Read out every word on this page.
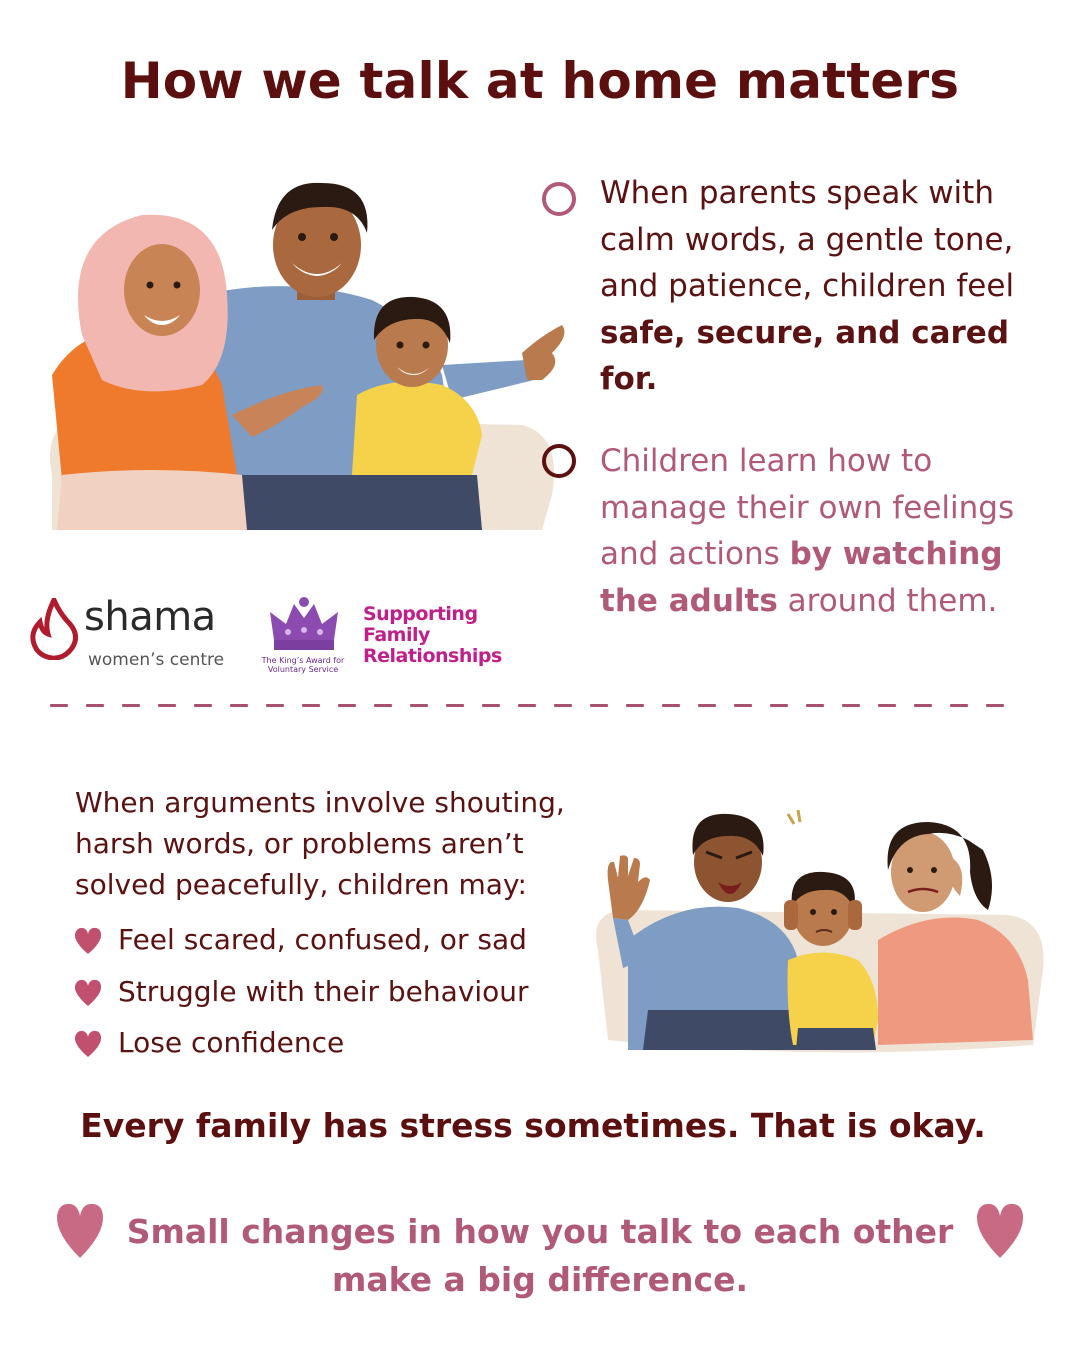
How we talk at home matters

When parents speak with calm words, a gentle tone, and patience, children feel safe, secure, and cared for.

Children learn how to manage their own feelings and actions by watching the adults around them.

shama
women’s centre	The King’s Award for Voluntary Service
Supporting
Family
Relationships

When arguments involve shouting, harsh words, or problems aren’t solved peacefully, children may:

Feel scared, confused, or sad
Struggle with their behaviour
Lose confidence

Every family has stress sometimes. That is okay.

Small changes in how you talk to each other make a big difference.
